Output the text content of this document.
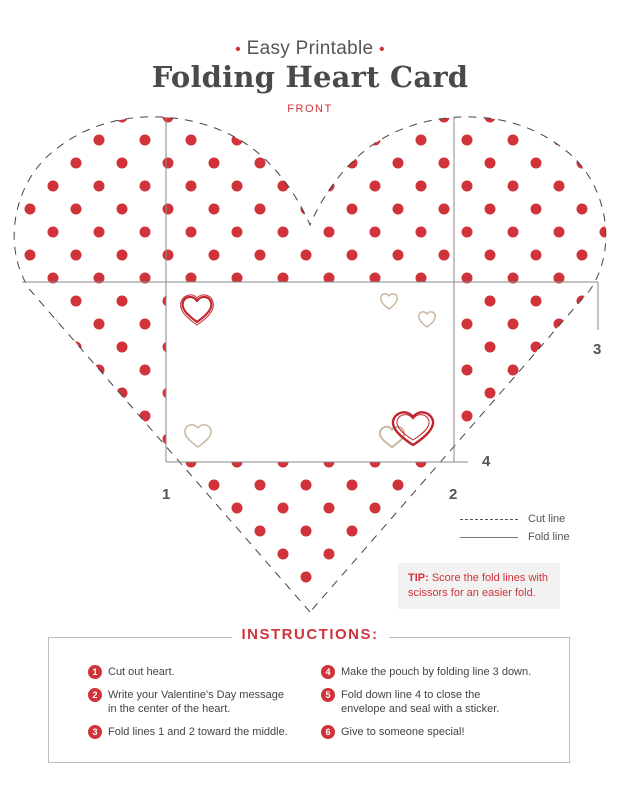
• Easy Printable •
Folding Heart Card
FRONT
1	2
3
4
Cut line
Fold line
TIP: Score the fold lines with scissors for an easier fold.
INSTRUCTIONS:
1 Cut out heart.
2 Write your Valentine's Day message
in the center of the heart.
3 Fold lines 1 and 2 toward the middle.
4 Make the pouch by folding line 3 down.
5 Fold down line 4 to close the
envelope and seal with a sticker.
6 Give to someone special!
